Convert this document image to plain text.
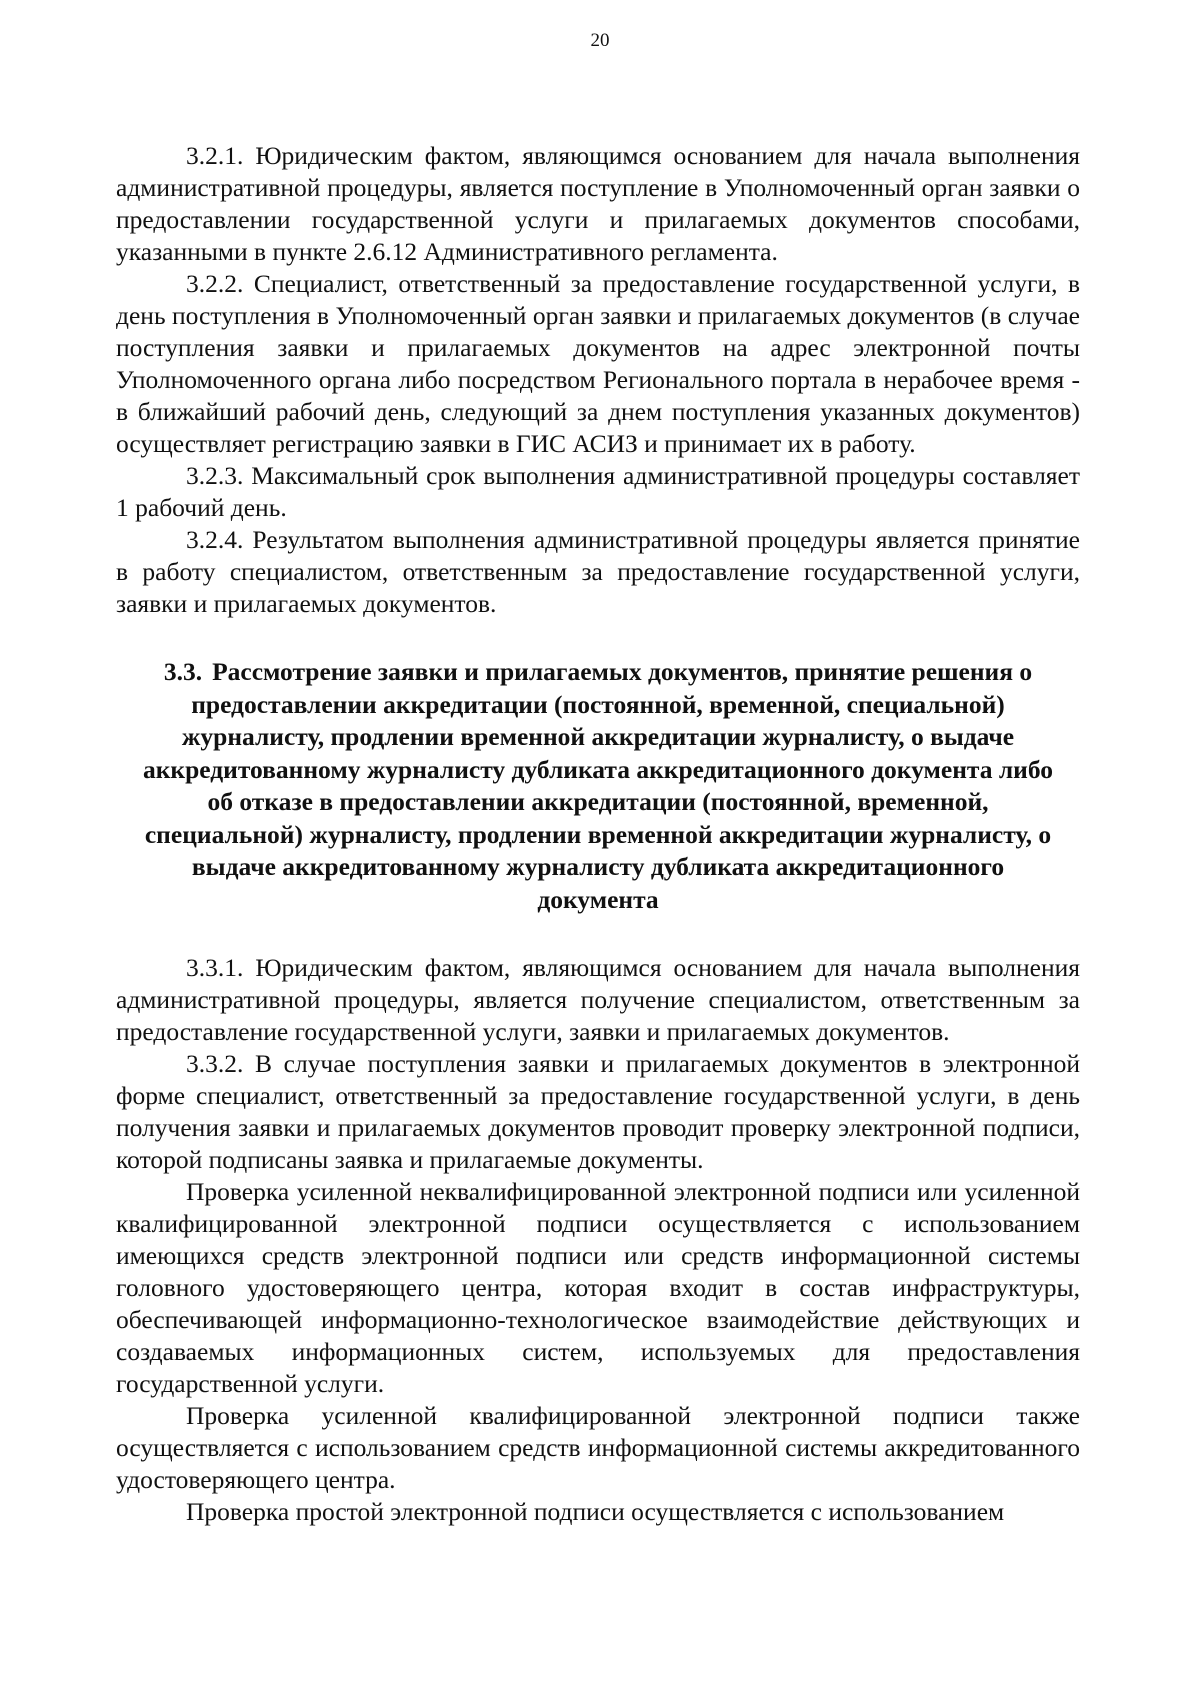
20

3.2.1. Юридическим фактом, являющимся основанием для начала выполнения административной процедуры, является поступление в Уполномоченный орган заявки о предоставлении государственной услуги и прилагаемых документов способами, указанными в пункте 2.6.12 Административного регламента.

3.2.2. Специалист, ответственный за предоставление государственной услуги, в день поступления в Уполномоченный орган заявки и прилагаемых документов (в случае поступления заявки и прилагаемых документов на адрес электронной почты Уполномоченного органа либо посредством Регионального портала в нерабочее время - в ближайший рабочий день, следующий за днем поступления указанных документов) осуществляет регистрацию заявки в ГИС АСИЗ и принимает их в работу.

3.2.3. Максимальный срок выполнения административной процедуры составляет 1 рабочий день.

3.2.4. Результатом выполнения административной процедуры является принятие в работу специалистом, ответственным за предоставление государственной услуги, заявки и прилагаемых документов.

3.3. Рассмотрение заявки и прилагаемых документов, принятие решения о предоставлении аккредитации (постоянной, временной, специальной) журналисту, продлении временной аккредитации журналисту, о выдаче аккредитованному журналисту дубликата аккредитационного документа либо об отказе в предоставлении аккредитации (постоянной, временной, специальной) журналисту, продлении временной аккредитации журналисту, о выдаче аккредитованному журналисту дубликата аккредитационного документа

3.3.1. Юридическим фактом, являющимся основанием для начала выполнения административной процедуры, является получение специалистом, ответственным за предоставление государственной услуги, заявки и прилагаемых документов.

3.3.2. В случае поступления заявки и прилагаемых документов в электронной форме специалист, ответственный за предоставление государственной услуги, в день получения заявки и прилагаемых документов проводит проверку электронной подписи, которой подписаны заявка и прилагаемые документы.

Проверка усиленной неквалифицированной электронной подписи или усиленной квалифицированной электронной подписи осуществляется с использованием имеющихся средств электронной подписи или средств информационной системы головного удостоверяющего центра, которая входит в состав инфраструктуры, обеспечивающей информационно-технологическое взаимодействие действующих и создаваемых информационных систем, используемых для предоставления государственной услуги.

Проверка усиленной квалифицированной электронной подписи также осуществляется с использованием средств информационной системы аккредитованного удостоверяющего центра.

Проверка простой электронной подписи осуществляется с использованием
